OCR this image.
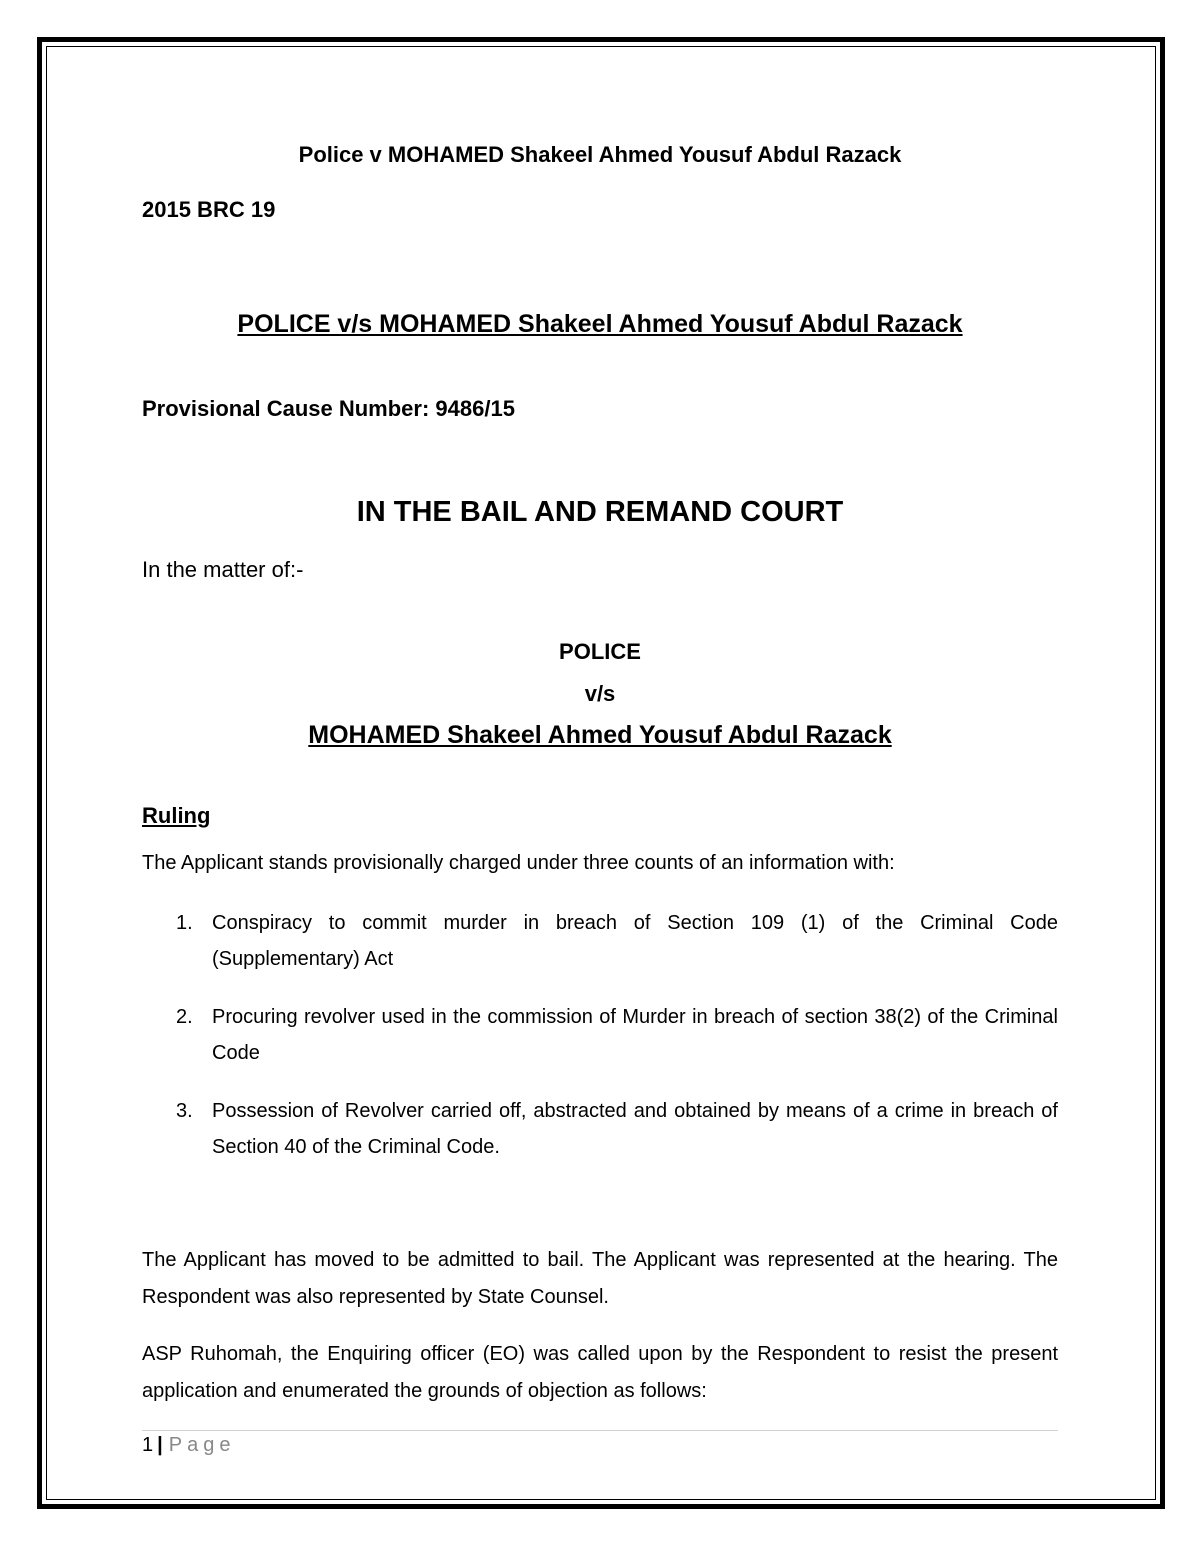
Police v MOHAMED Shakeel Ahmed Yousuf Abdul Razack

2015 BRC 19

POLICE v/s MOHAMED Shakeel Ahmed Yousuf Abdul Razack

Provisional Cause Number: 9486/15

IN THE BAIL AND REMAND COURT

In the matter of:-

POLICE

v/s

MOHAMED Shakeel Ahmed Yousuf Abdul Razack

Ruling

The Applicant stands provisionally charged under three counts of an information with:

1. Conspiracy to commit murder in breach of Section 109 (1) of the Criminal Code (Supplementary) Act
2. Procuring revolver used in the commission of Murder in breach of section 38(2) of the Criminal Code
3. Possession of Revolver carried off, abstracted and obtained by means of a crime in breach of Section 40 of the Criminal Code.

The Applicant has moved to be admitted to bail. The Applicant was represented at the hearing. The Respondent was also represented by State Counsel.

ASP Ruhomah, the Enquiring officer (EO) was called upon by the Respondent to resist the present application and enumerated the grounds of objection as follows:

1 | Page
